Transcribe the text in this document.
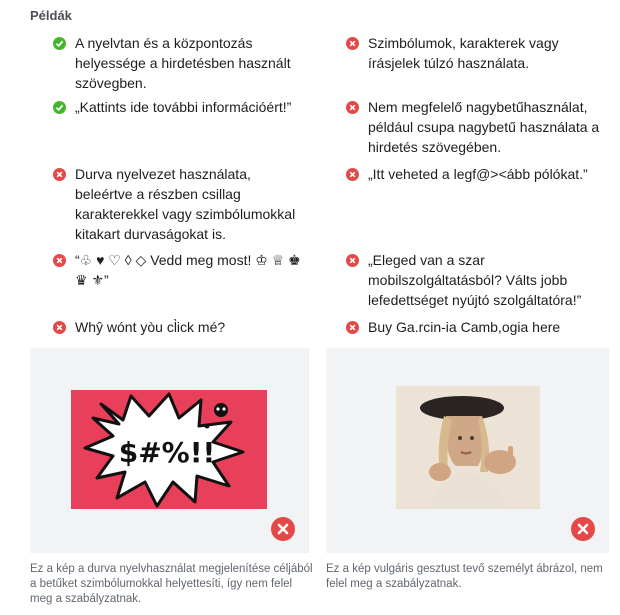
Példák
A nyelvtan és a központozás helyessége a hirdetésben használt szövegben.
Szimbólumok, karakterek vagy írásjelek túlzó használata.
„Kattints ide további információért!”	Nem megfelelő nagybetűhasználat, például csupa nagybetű használata a hirdetés szövegében.
Durva nyelvezet használata, beleértve a részben csillag karakterekkel vagy szimbólumokkal kitakart durvaságokat is.
„Itt veheted a legf@><ább pólókat.”
“♧ ♥ ♡ ◊ ◇ Vedd meg most! ♔ ♕ ♚ ♛ ⚜”
„Eleged van a szar mobilszolgáltatásból? Válts jobb lefedettséget nyújtó szolgáltatóra!”
Whŷ wónt yòu cl̀ick mé?	Buy Ga.rcin-ia Camb,ogia here
$#%!!
Ez a kép a durva nyelvhasználat megjelenítése céljából a betűket szimbólumokkal helyettesíti, így nem felel meg a szabályzatnak.
Ez a kép vulgáris gesztust tevő személyt ábrázol, nem felel meg a szabályzatnak.
